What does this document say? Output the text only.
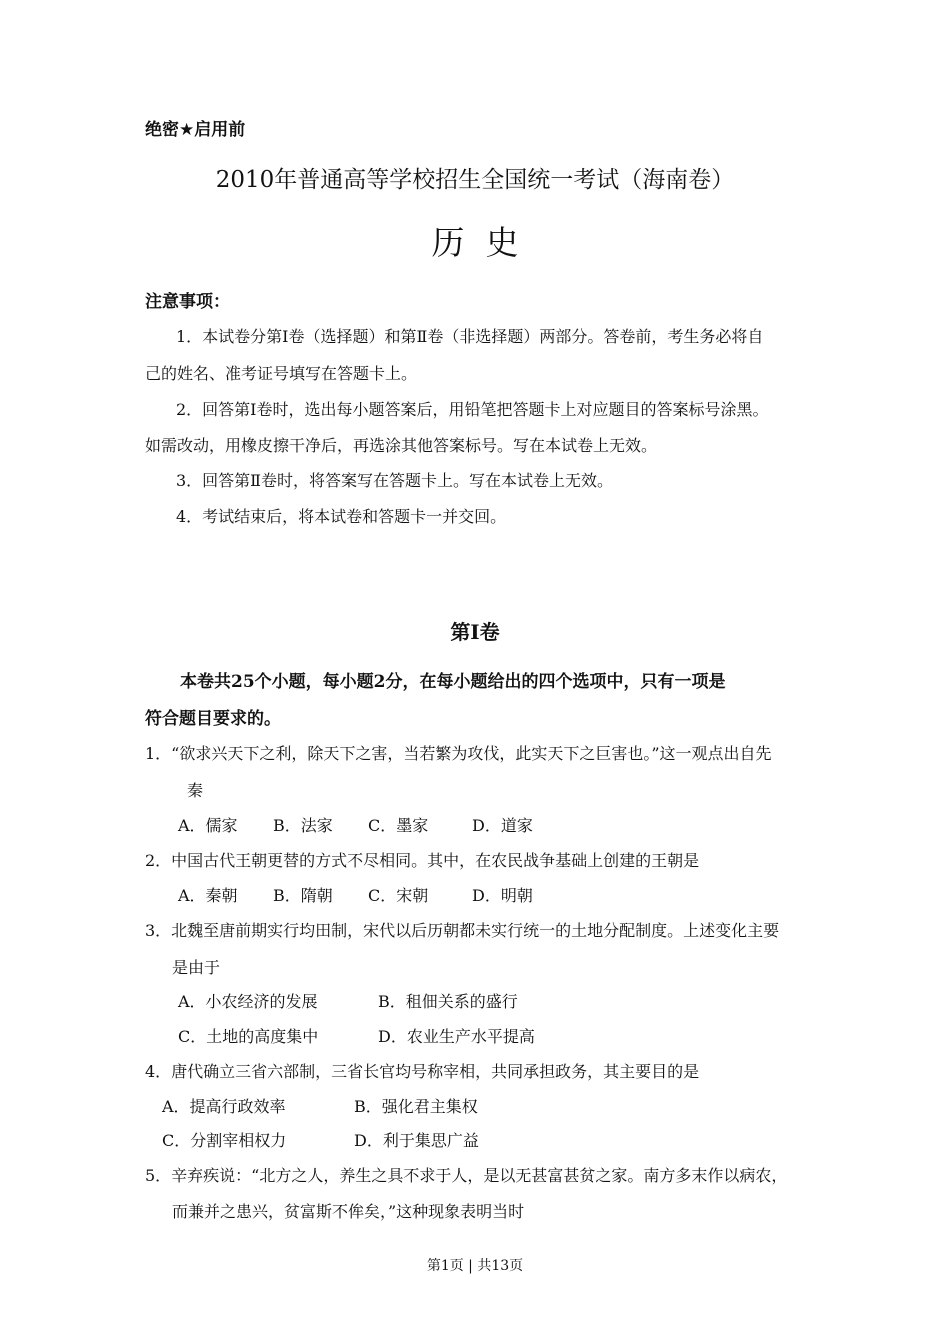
绝密★启用前
2010年普通高等学校招生全国统一考试（海南卷）
历  史
注意事项：
1．本试卷分第Ⅰ卷（选择题）和第Ⅱ卷（非选择题）两部分。答卷前，考生务必将自
己的姓名、准考证号填写在答题卡上。
2．回答第Ⅰ卷时，选出每小题答案后，用铅笔把答题卡上对应题目的答案标号涂黑。
如需改动，用橡皮擦干净后，再选涂其他答案标号。写在本试卷上无效。
3．回答第Ⅱ卷时，将答案写在答题卡上。写在本试卷上无效。
4．考试结束后，将本试卷和答题卡一并交回。
第Ⅰ卷
本卷共25个小题，每小题2分，在每小题给出的四个选项中，只有一项是
符合题目要求的。
1．“欲求兴天下之利，除天下之害，当若繁为攻伐，此实天下之巨害也。”这一观点出自先
秦
A．儒家 B．法家 C．墨家	D．道家
2．中国古代王朝更替的方式不尽相同。其中，在农民战争基础上创建的王朝是
A．秦朝 B．隋朝 C．宋朝	D．明朝
3．北魏至唐前期实行均田制，宋代以后历朝都未实行统一的土地分配制度。上述变化主要
是由于
A．小农经济的发展	B．租佃关系的盛行
C．土地的高度集中	D．农业生产水平提高
4．唐代确立三省六部制，三省长官均号称宰相，共同承担政务，其主要目的是
A．提高行政效率	B．强化君主集权
C．分割宰相权力	D．利于集思广益
5．辛弃疾说：“北方之人，养生之具不求于人，是以无甚富甚贫之家。南方多末作以病农，
而兼并之患兴，贫富斯不侔矣，”这种现象表明当时
第1页 | 共13页
